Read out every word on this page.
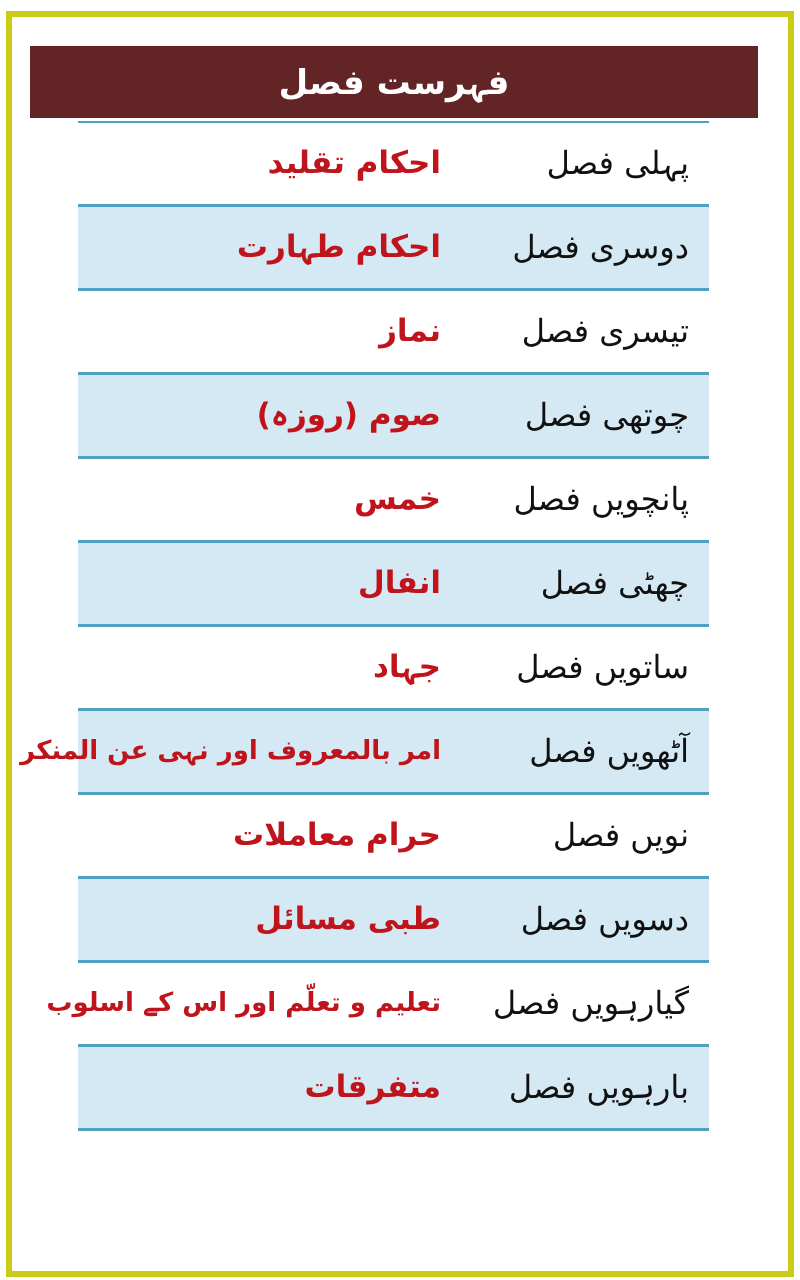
فہرست فصل
پہلی فصل
احکام تقلید
دوسری فصل
احکام طہارت
تیسری فصل
نماز
چوتھی فصل
صوم (روزہ)
پانچویں فصل
خمس
چھٹی فصل
انفال
ساتویں فصل
جہاد
آٹھویں فصل
امر بالمعروف اور نہی عن المنکر
نویں فصل
حرام معاملات
دسویں فصل
طبی مسائل
گیارہویں فصل
تعلیم و تعلّم اور اس کے اسلوب
بارہویں فصل
متفرقات
